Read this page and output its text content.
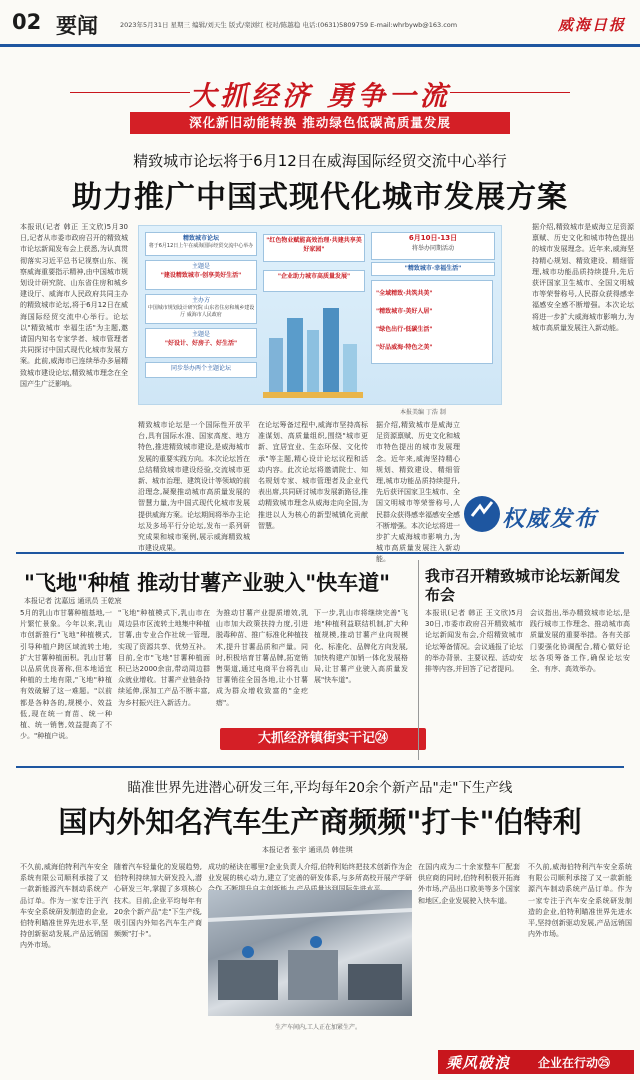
02 要闻	2023年5月31日 星期三 编辑/刘天生 版式/栾浏红 校对/陈越稳 电话:(0631)5809759 E-mail:whrbywb@163.com	威海日报
大抓经济 勇争一流
深化新旧动能转换 推动绿色低碳高质量发展
精致城市论坛将于6月12日在威海国际经贸交流中心举行
助力推广中国式现代化城市发展方案
本报讯(记者 韩正 王文欣)5月30日,记者从市委市政府召开的精致城市论坛新闻发布会上获悉,为认真贯彻落实习近平总书记视察山东、视察威海重要指示精神,由中国城市规划设计研究院、山东省住房和城乡建设厅、威海市人民政府共同主办的精致城市论坛,将于6月12日在威海国际经贸交流中心举行。论坛以"精致城市 幸福生活"为主题,邀请国内知名专家学者、城市管理者共同探讨中国式现代化城市发展方案。此前,威海市已连续举办多届精致城市建设论坛,精致城市理念在全国产生广泛影响。
精致城市论坛
将于6月12日上午在威海国际经贸交流中心举办
主题是
"建设精致城市·创享美好生活"
主办方
中国城市规划设计研究院 山东省住房和城乡建设厅 威海市人民政府
主题是
"好设计、好房子、好生活"
同步举办两个主题论坛
"红色物业赋能高效治理·共建共享美好家园"
"企业助力城市高质量发展"
6月10日-13日
将举办同期活动
"精致城市·幸福生活"
"全域精致·共筑共美"
"精致城市·美好人居"
"绿色出行·低碳生活"
"好品威海·特色之美"
本报美编 丁浩 制
据介绍,精致城市是威海立足资源禀赋、历史文化和城市特色提出的城市发展理念。近年来,威海坚持精心规划、精致建设、精细管理,城市功能品质持续提升,先后获评国家卫生城市、全国文明城市等荣誉称号,人民群众获得感幸福感安全感不断增强。本次论坛将进一步扩大威海城市影响力,为城市高质量发展注入新动能。
精致城市论坛是一个国际性开放平台,具有国际水准、国家高度、地方特色,推进精致城市建设,是威海城市发展的重要实践方向。本次论坛旨在总结精致城市建设经验,交流城市更新、城市治理、建筑设计等领域的前沿理念,凝聚推动城市高质量发展的智慧力量,为中国式现代化城市发展提供威海方案。论坛期间将举办主论坛及多场平行分论坛,发布一系列研究成果和城市案例,展示威海精致城市建设成果。
在论坛筹备过程中,威海市坚持高标准谋划、高质量组织,围绕"城市更新、宜居宜业、生态环保、文化传承"等主题,精心设计论坛议程和活动内容。此次论坛将邀请院士、知名规划专家、城市管理者及企业代表出席,共同研讨城市发展新路径,推动精致城市理念从威海走向全国,为推进以人为核心的新型城镇化贡献智慧。
据介绍,精致城市是威海立足资源禀赋、历史文化和城市特色提出的城市发展理念。近年来,威海坚持精心规划、精致建设、精细管理,城市功能品质持续提升,先后获评国家卫生城市、全国文明城市等荣誉称号,人民群众获得感幸福感安全感不断增强。本次论坛将进一步扩大威海城市影响力,为城市高质量发展注入新动能。
权威发布
"飞地"种植 推动甘薯产业驶入"快车道"
本报记者 沈嘉远 通讯员 王乾宸
5月的乳山市甘薯种植基地,一片繁忙景象。今年以来,乳山市创新推行"飞地"种植模式,引导种植户跨区域流转土地,扩大甘薯种植面积。乳山甘薯以品质优良著称,但本地适宜种植的土地有限,"飞地"种植有效破解了这一难题。"以前都是各种各的,规模小、效益低,现在统一育苗、统一种植、统一销售,效益提高了不少。"种植户说。
"飞地"种植模式下,乳山市在周边县市区流转土地集中种植甘薯,由专业合作社统一管理,实现了资源共享、优势互补。目前,全市"飞地"甘薯种植面积已达2000余亩,带动周边群众就业增收。甘薯产业链条持续延伸,深加工产品不断丰富,为乡村振兴注入新活力。
为推动甘薯产业提质增效,乳山市加大政策扶持力度,引进脱毒种苗、推广标准化种植技术,提升甘薯品质和产量。同时,积极培育甘薯品牌,拓宽销售渠道,通过电商平台将乳山甘薯销往全国各地,让小甘薯成为群众增收致富的"金疙瘩"。
下一步,乳山市将继续完善"飞地"种植利益联结机制,扩大种植规模,推动甘薯产业向规模化、标准化、品牌化方向发展,加快构建产加销一体化发展格局,让甘薯产业驶入高质量发展"快车道"。
大抓经济镇街实干记㉔
我市召开精致城市论坛新闻发布会
本报讯(记者 韩正 王文欣)5月30日,市委市政府召开精致城市论坛新闻发布会,介绍精致城市论坛筹备情况。会议通报了论坛的举办背景、主要议程、活动安排等内容,并回答了记者提问。
会议指出,举办精致城市论坛,是践行城市工作理念、推动城市高质量发展的重要举措。各有关部门要强化协调配合,精心做好论坛各项筹备工作,确保论坛安全、有序、高效举办。
瞄准世界先进潜心研发三年,平均每年20余个新产品"走"下生产线
国内外知名汽车生产商频频"打卡"伯特利
本报记者 张宇 通讯员 韩佳琪
不久前,威海伯特利汽车安全系统有限公司顺利承接了又一款新能源汽车制动系统产品订单。作为一家专注于汽车安全系统研发制造的企业,伯特利瞄准世界先进水平,坚持创新驱动发展,产品远销国内外市场。
随着汽车轻量化的发展趋势,伯特利持续加大研发投入,潜心研发三年,掌握了多项核心技术。目前,企业平均每年有20余个新产品"走"下生产线,吸引国内外知名汽车生产商频频"打卡"。
成功的秘诀在哪里?企业负责人介绍,伯特利始终把技术创新作为企业发展的核心动力,建立了完善的研发体系,与多所高校开展产学研
生产车间内,工人正在加紧生产。
在国内成为二十余家整车厂配套供应商的同时,伯特利积极开拓海外市场,产品出口欧美等多个国家和地区,企业发展驶入快车道。
不久前,威海伯特利汽车安全系统有限公司顺利承接了又一款新能源汽车制动系统产品订单。作为一家专注于汽车安全系统研发制造的企业,伯特利瞄准世界先进水平,坚持创新驱动发展,产品远销国内外市场。
乘风破浪 企业在行动㉕
